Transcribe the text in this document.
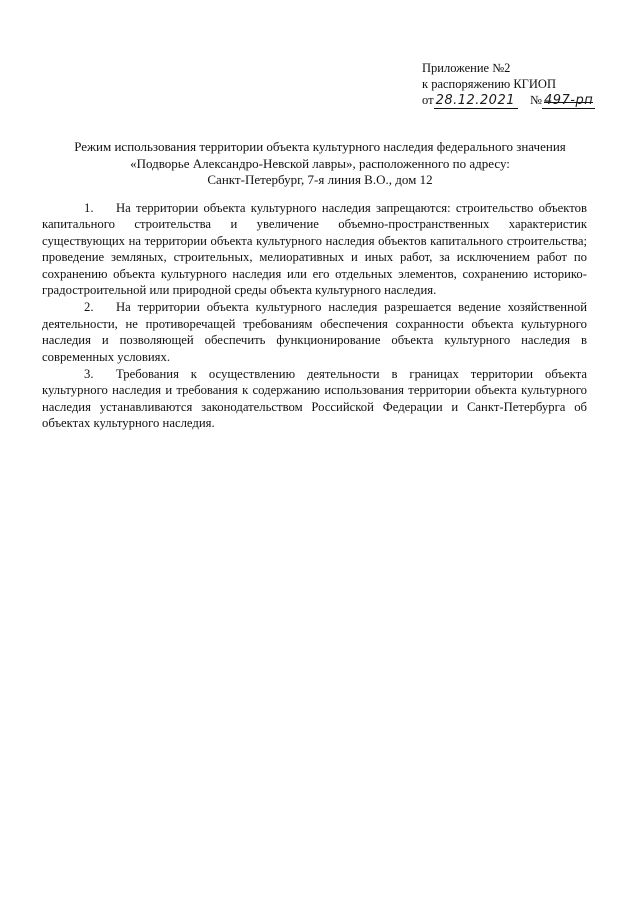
Приложение №2
к распоряжению КГИОП
от 28.12.2021 № 497-рп
Режим использования территории объекта культурного наследия федерального значения
«Подворье Александро-Невской лавры», расположенного по адресу:
Санкт-Петербург, 7-я линия В.О., дом 12

1. На территории объекта культурного наследия запрещаются: строительство объектов капитального строительства и увеличение объемно-пространственных характеристик существующих на территории объекта культурного наследия объектов капитального строительства; проведение земляных, строительных, мелиоративных и иных работ, за исключением работ по сохранению объекта культурного наследия или его отдельных элементов, сохранению историко-градостроительной или природной среды объекта культурного наследия.

2. На территории объекта культурного наследия разрешается ведение хозяйственной деятельности, не противоречащей требованиям обеспечения сохранности объекта культурного наследия и позволяющей обеспечить функционирование объекта культурного наследия в современных условиях.

3. Требования к осуществлению деятельности в границах территории объекта культурного наследия и требования к содержанию использования территории объекта культурного наследия устанавливаются законодательством Российской Федерации и Санкт-Петербурга об объектах культурного наследия.
